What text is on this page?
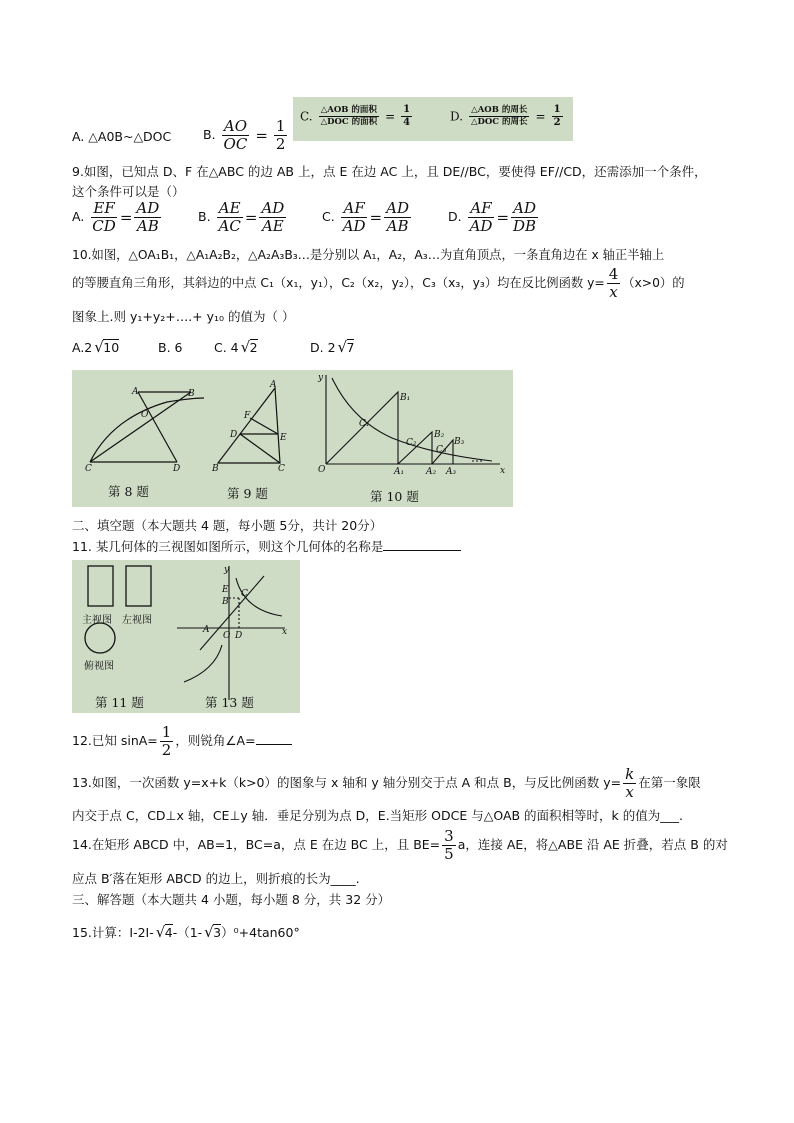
A. △A0B~△DOC	B. $\frac{AO}{OC} = \frac{1}{2}$
C. $\frac{\text{△AOB 的面积}}{\text{△DOC 的面积}} = \frac{1}{4}$	D. $\frac{\text{△AOB 的周长}}{\text{△DOC 的周长}} = \frac{1}{2}$
9.如图，已知点 D、F 在△ABC 的边 AB 上，点 E 在边 AC 上，且 DE//BC，要使得 EF//CD，还需添加一个条件，
这个条件可以是（）
A. $\frac{EF}{CD} = \frac{AD}{AB}$	B. $\frac{AE}{AC} = \frac{AD}{AE}$	C. $\frac{AF}{AD} = \frac{AD}{AB}$	D. $\frac{AF}{AD} = \frac{AD}{DB}$
10.如图，△OA₁B₁，△A₁A₂B₂，△A₂A₃B₃…是分别以 A₁，A₂，A₃…为直角顶点，一条直角边在 x 轴正半轴上
的等腰直角三角形，其斜边的中点 C₁（x₁，y₁），C₂（x₂，y₂），C₃（x₃，y₃）均在反比例函数 $y= \frac{4}{x} (x>0)$的
图象上.则 y₁+y₂+….+ y₁₀ 的值为（ ）
A.2 √ 10	B. 6	C. 4 √ 2	D. 2 √ 7
A	B
O
C	D
A
F
D	E
B	C
y
x
O
B₁
C₁
B₂
C₂	B₃
C₃
A₁ A₂ A₃
第 8 题	第 9 题	第 10 题
二、填空题（本大题共 4 题，每小题 5分，共计 20分）
11. 某几何体的三视图如图所示，则这个几何体的名称是
y
x
E
B
C
A
O D
主视图 左视图
俯视图
第 11 题	第 13 题
12.已知 $\sin A= \frac{1}{2}$ ，则锐角∠A=
13.如图，一次函数 y=x+k（k>0）的图象与 x 轴和 y 轴分别交于点 A 和点 B，与反比例函数 $y= \frac{k}{x}$ 在第一象限
内交于点 C，CD⊥x 轴，CE⊥y 轴．垂足分别为点 D，E.当矩形 ODCE 与△OAB 的面积相等时，k 的值为___.
14.在矩形 ABCD 中，AB=1，BC=a，点 E 在边 BC 上，且 $BE= \frac{3}{5}$ a，连接 AE，将△ABE 沿 AE 折叠，若点 B 的对
应点 B′落在矩形 ABCD 的边上，则折痕的长为____.
三、解答题（本大题共 4 小题，每小题 8 分，共 32 分）
15.计算：I-2I- √ 4-（1- √ 3）⁰+4tan60°
